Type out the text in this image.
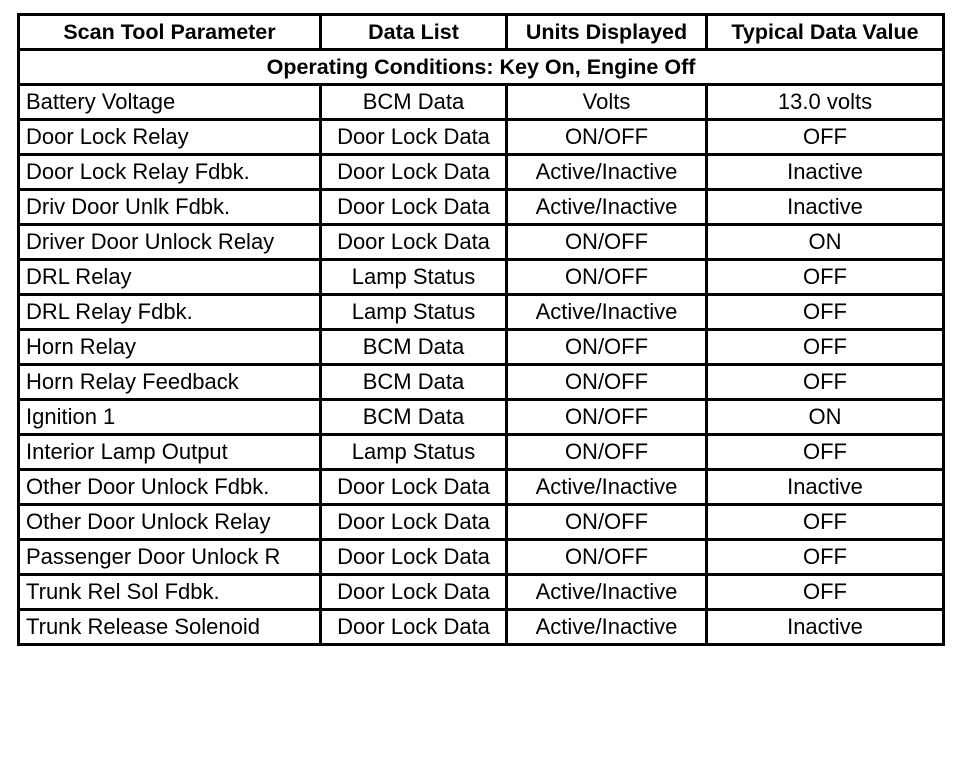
Scan Tool Parameter	Data List	Units Displayed	Typical Data Value
Operating Conditions: Key On, Engine Off			
Battery Voltage	BCM Data	Volts	13.0 volts
Door Lock Relay	Door Lock Data	ON/OFF	OFF
Door Lock Relay Fdbk.	Door Lock Data	Active/Inactive	Inactive
Driv Door Unlk Fdbk.	Door Lock Data	Active/Inactive	Inactive
Driver Door Unlock Relay	Door Lock Data	ON/OFF	ON
DRL Relay	Lamp Status	ON/OFF	OFF
DRL Relay Fdbk.	Lamp Status	Active/Inactive	OFF
Horn Relay	BCM Data	ON/OFF	OFF
Horn Relay Feedback	BCM Data	ON/OFF	OFF
Ignition 1	BCM Data	ON/OFF	ON
Interior Lamp Output	Lamp Status	ON/OFF	OFF
Other Door Unlock Fdbk.	Door Lock Data	Active/Inactive	Inactive
Other Door Unlock Relay	Door Lock Data	ON/OFF	OFF
Passenger Door Unlock R	Door Lock Data	ON/OFF	OFF
Trunk Rel Sol Fdbk.	Door Lock Data	Active/Inactive	OFF
Trunk Release Solenoid	Door Lock Data	Active/Inactive	Inactive
